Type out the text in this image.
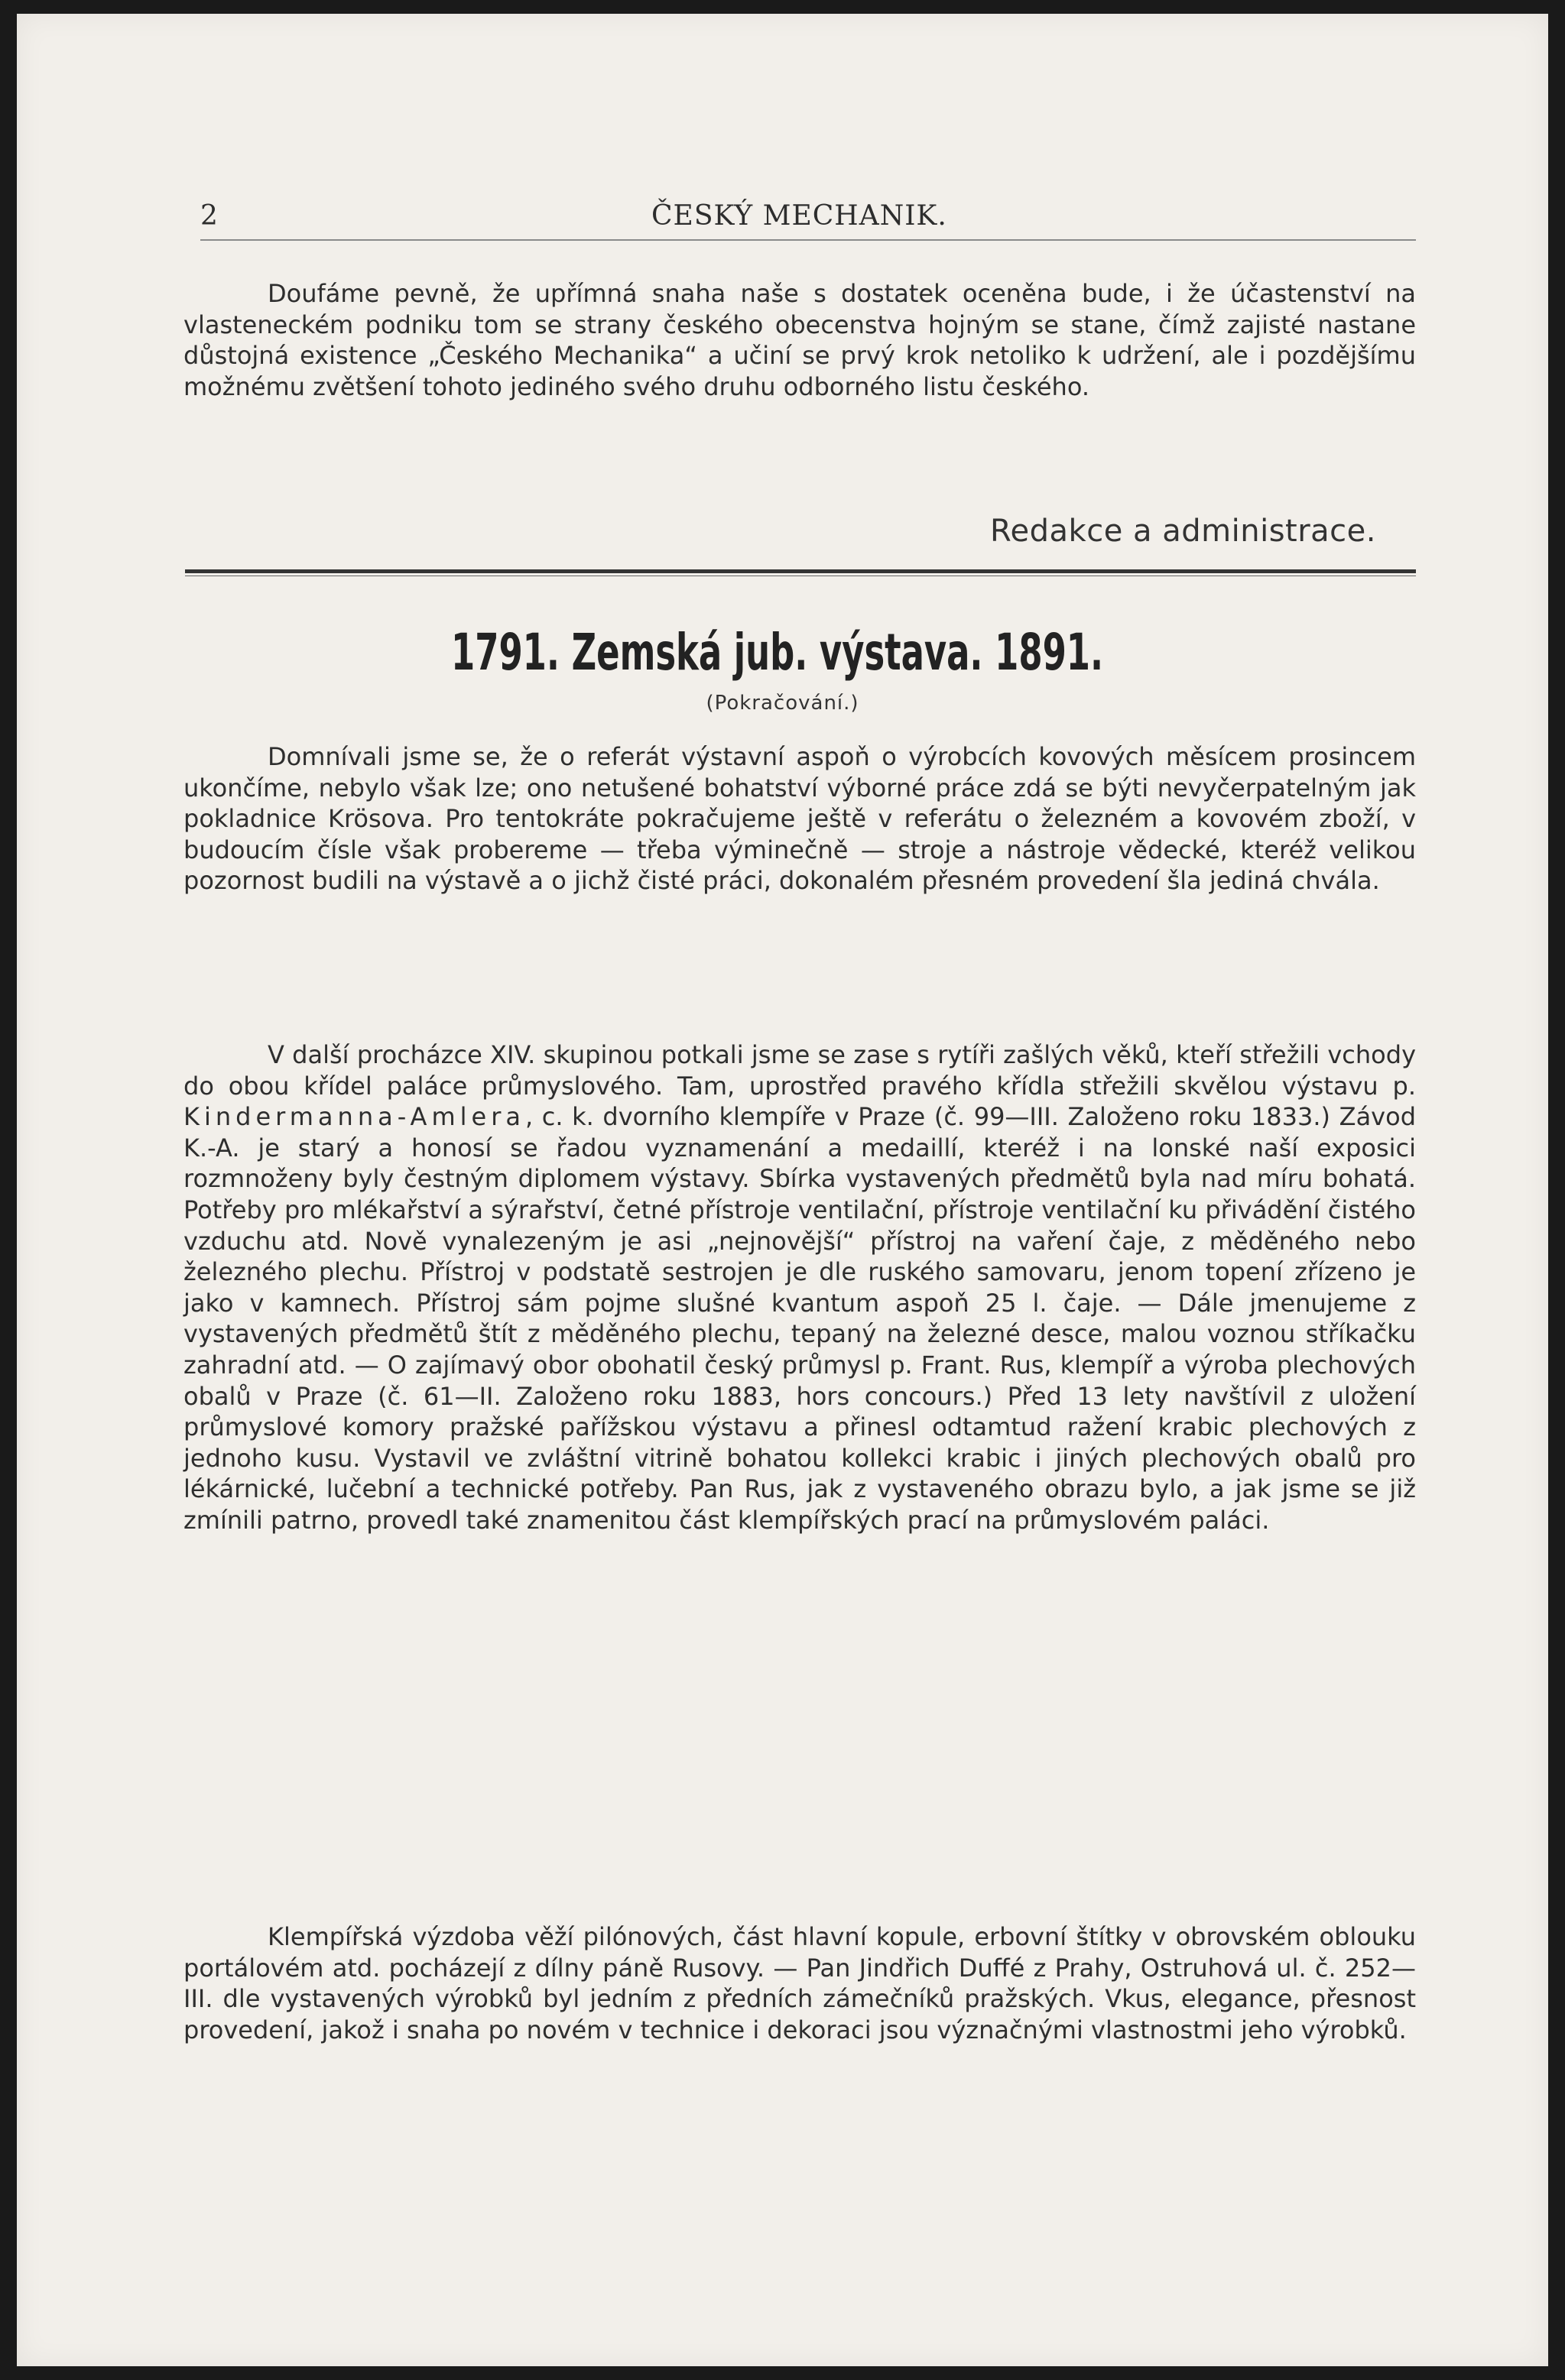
2	ČESKÝ MECHANIK.

Doufáme pevně, že upřímná snaha naše s dostatek oceněna bude, i že účastenství na vlasteneckém podniku tom se strany českého obecenstva hojným se stane, čímž zajisté nastane důstojná existence „Českého Mechanika“ a učiní se prvý krok netoliko k udržení, ale i pozdějšímu možnému zvětšení tohoto jediného svého druhu odborného listu českého.

Redakce a administrace.
1791. Zemská jub. výstava. 1891.
(Pokračování.)

Domnívali jsme se, že o referát výstavní aspoň o výrobcích kovových měsícem prosincem ukončíme, nebylo však lze; ono netušené bohatství výborné práce zdá se býti nevyčerpatelným jak pokladnice Krösova. Pro tentokráte pokračujeme ještě v referátu o železném a kovovém zboží, v budoucím čísle však probereme — třeba výminečně — stroje a nástroje vědecké, kteréž velikou pozornost budili na výstavě a o jichž čisté práci, dokonalém přesném provedení šla jediná chvála.

V další procházce XIV. skupinou potkali jsme se zase s rytíři zašlých věků, kteří střežili vchody do obou křídel paláce průmyslového. Tam, uprostřed pravého křídla střežili skvělou výstavu p. Kindermanna-Amlera, c. k. dvorního klempíře v Praze (č. 99—III. Založeno roku 1833.) Závod K.-A. je starý a honosí se řadou vyznamenání a medaillí, kteréž i na lonské naší exposici rozmnoženy byly čestným diplomem výstavy. Sbírka vystavených předmětů byla nad míru bohatá. Potřeby pro mlékařství a sýrařství, četné přístroje ventilační, přístroje ventilační ku přivádění čistého vzduchu atd. Nově vynalezeným je asi „nejnovější“ přístroj na vaření čaje, z měděného nebo železného plechu. Přístroj v podstatě sestrojen je dle ruského samovaru, jenom topení zřízeno je jako v kamnech. Přístroj sám pojme slušné kvantum aspoň 25 l. čaje. — Dále jmenujeme z vystavených předmětů štít z měděného plechu, tepaný na železné desce, malou voznou stříkačku zahradní atd. — O zajímavý obor obohatil český průmysl p. Frant. Rus, klempíř a výroba plechových obalů v Praze (č. 61—II. Založeno roku 1883, hors concours.) Před 13 lety navštívil z uložení průmyslové komory pražské pařížskou výstavu a přinesl odtamtud ražení krabic plechových z jednoho kusu. Vystavil ve zvláštní vitrině bohatou kollekci krabic i jiných plechových obalů pro lékárnické, lučební a technické potřeby. Pan Rus, jak z vystaveného obrazu bylo, a jak jsme se již zmínili patrno, provedl také znamenitou část klempířských prací na průmyslovém paláci.

Klempířská výzdoba věží pilónových, část hlavní kopule, erbovní štítky v obrovském oblouku portálovém atd. pocházejí z dílny páně Rusovy. — Pan Jindřich Duffé z Prahy, Ostruhová ul. č. 252—III. dle vystavených výrobků byl jedním z předních zámečníků pražských. Vkus, elegance, přesnost provedení, jakož i snaha po novém v technice i dekoraci jsou význačnými vlastnostmi jeho výrobků.
